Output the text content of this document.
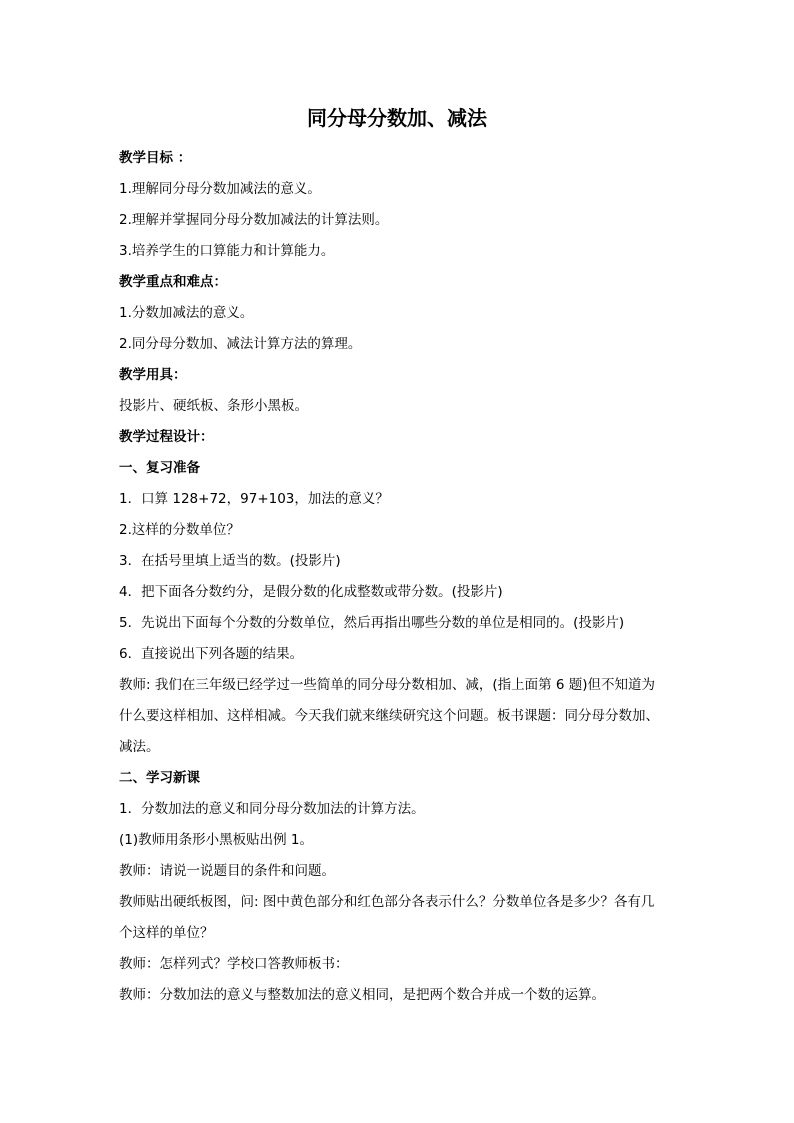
同分母分数加、减法
教学目标 ：
1.理解同分母分数加减法的意义。
2.理解并掌握同分母分数加减法的计算法则。
3.培养学生的口算能力和计算能力。
教学重点和难点：
1.分数加减法的意义。
2.同分母分数加、减法计算方法的算理。
教学用具：
投影片、硬纸板、条形小黑板。
教学过程设计：
一、复习准备
1．口算 128+72，97+103，加法的意义？
2.这样的分数单位？
3．在括号里填上适当的数。(投影片)
4．把下面各分数约分，是假分数的化成整数或带分数。(投影片)
5．先说出下面每个分数的分数单位，然后再指出哪些分数的单位是相同的。(投影片)
6．直接说出下列各题的结果。
教师: 我们在三年级已经学过一些简单的同分母分数相加、减，(指上面第 6 题)但不知道为
什么要这样相加、这样相减。今天我们就来继续研究这个问题。板书课题：同分母分数加、
减法。
二、学习新课
1．分数加法的意义和同分母分数加法的计算方法。
(1)教师用条形小黑板贴出例 1。
教师：请说一说题目的条件和问题。
教师贴出硬纸板图，问: 图中黄色部分和红色部分各表示什么？分数单位各是多少？各有几
个这样的单位？
教师：怎样列式？学校口答教师板书：
教师：分数加法的意义与整数加法的意义相同，是把两个数合并成一个数的运算。
